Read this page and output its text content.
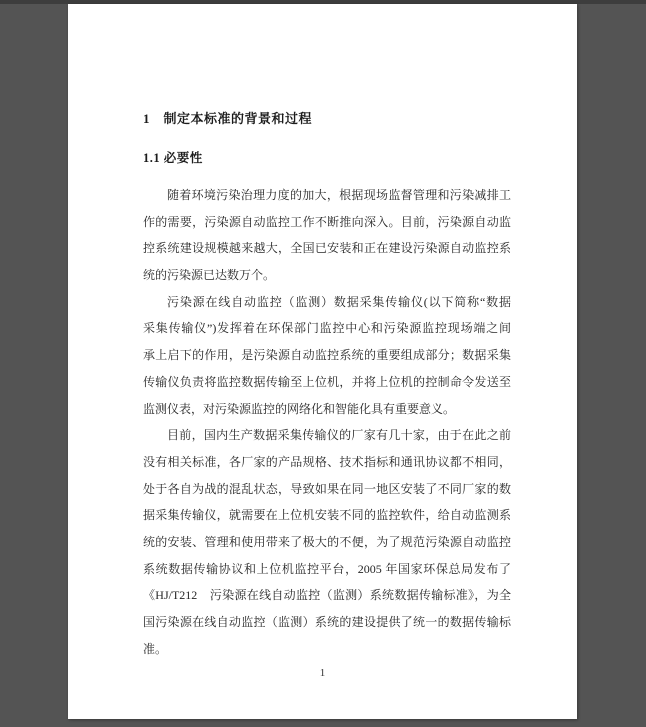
1　制定本标准的背景和过程
1.1 必要性
随着环境污染治理力度的加大，根据现场监督管理和污染减排工
作的需要，污染源自动监控工作不断推向深入。目前，污染源自动监
控系统建设规模越来越大，全国已安装和正在建设污染源自动监控系
统的污染源已达数万个。
污染源在线自动监控（监测）数据采集传输仪(以下简称“数据
采集传输仪”)发挥着在环保部门监控中心和污染源监控现场端之间
承上启下的作用，是污染源自动监控系统的重要组成部分；数据采集
传输仪负责将监控数据传输至上位机，并将上位机的控制命令发送至
监测仪表，对污染源监控的网络化和智能化具有重要意义。
目前，国内生产数据采集传输仪的厂家有几十家，由于在此之前
没有相关标准，各厂家的产品规格、技术指标和通讯协议都不相同，
处于各自为战的混乱状态，导致如果在同一地区安装了不同厂家的数
据采集传输仪，就需要在上位机安装不同的监控软件，给自动监测系
统的安装、管理和使用带来了极大的不便，为了规范污染源自动监控
系统数据传输协议和上位机监控平台，2005 年国家环保总局发布了
《HJ/T212　污染源在线自动监控（监测）系统数据传输标准》，为全
国污染源在线自动监控（监测）系统的建设提供了统一的数据传输标
准。
1
